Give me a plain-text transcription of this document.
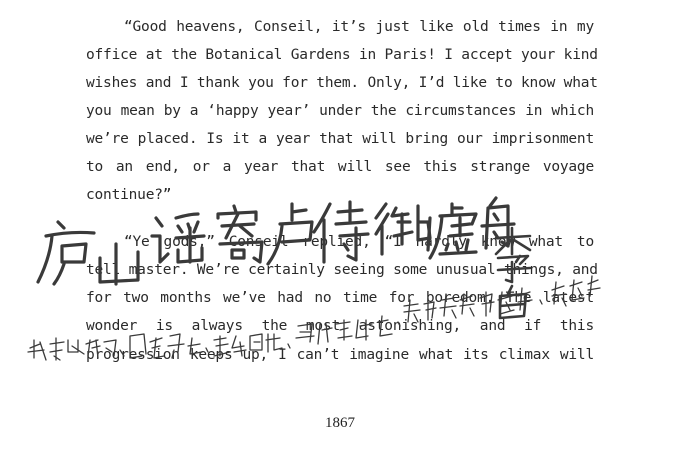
“Good heavens, Conseil, it’s just like old times in my
office at the Botanical Gardens in Paris! I accept your kind
wishes and I thank you for them. Only, I’d like to know what
you mean by a ‘happy year’ under the circumstances in which
we’re placed. Is it a year that will bring our imprisonment
to an end, or a year that will see this strange voyage
continue?”
“Ye gods,” Conseil replied, “I hardly know what to
tell master. We’re certainly seeing some unusual things, and
for two months we’ve had no time for boredom. The latest
wonder is always the most astonishing, and if this
progression keeps up, I can’t imagine what its climax will
1867
